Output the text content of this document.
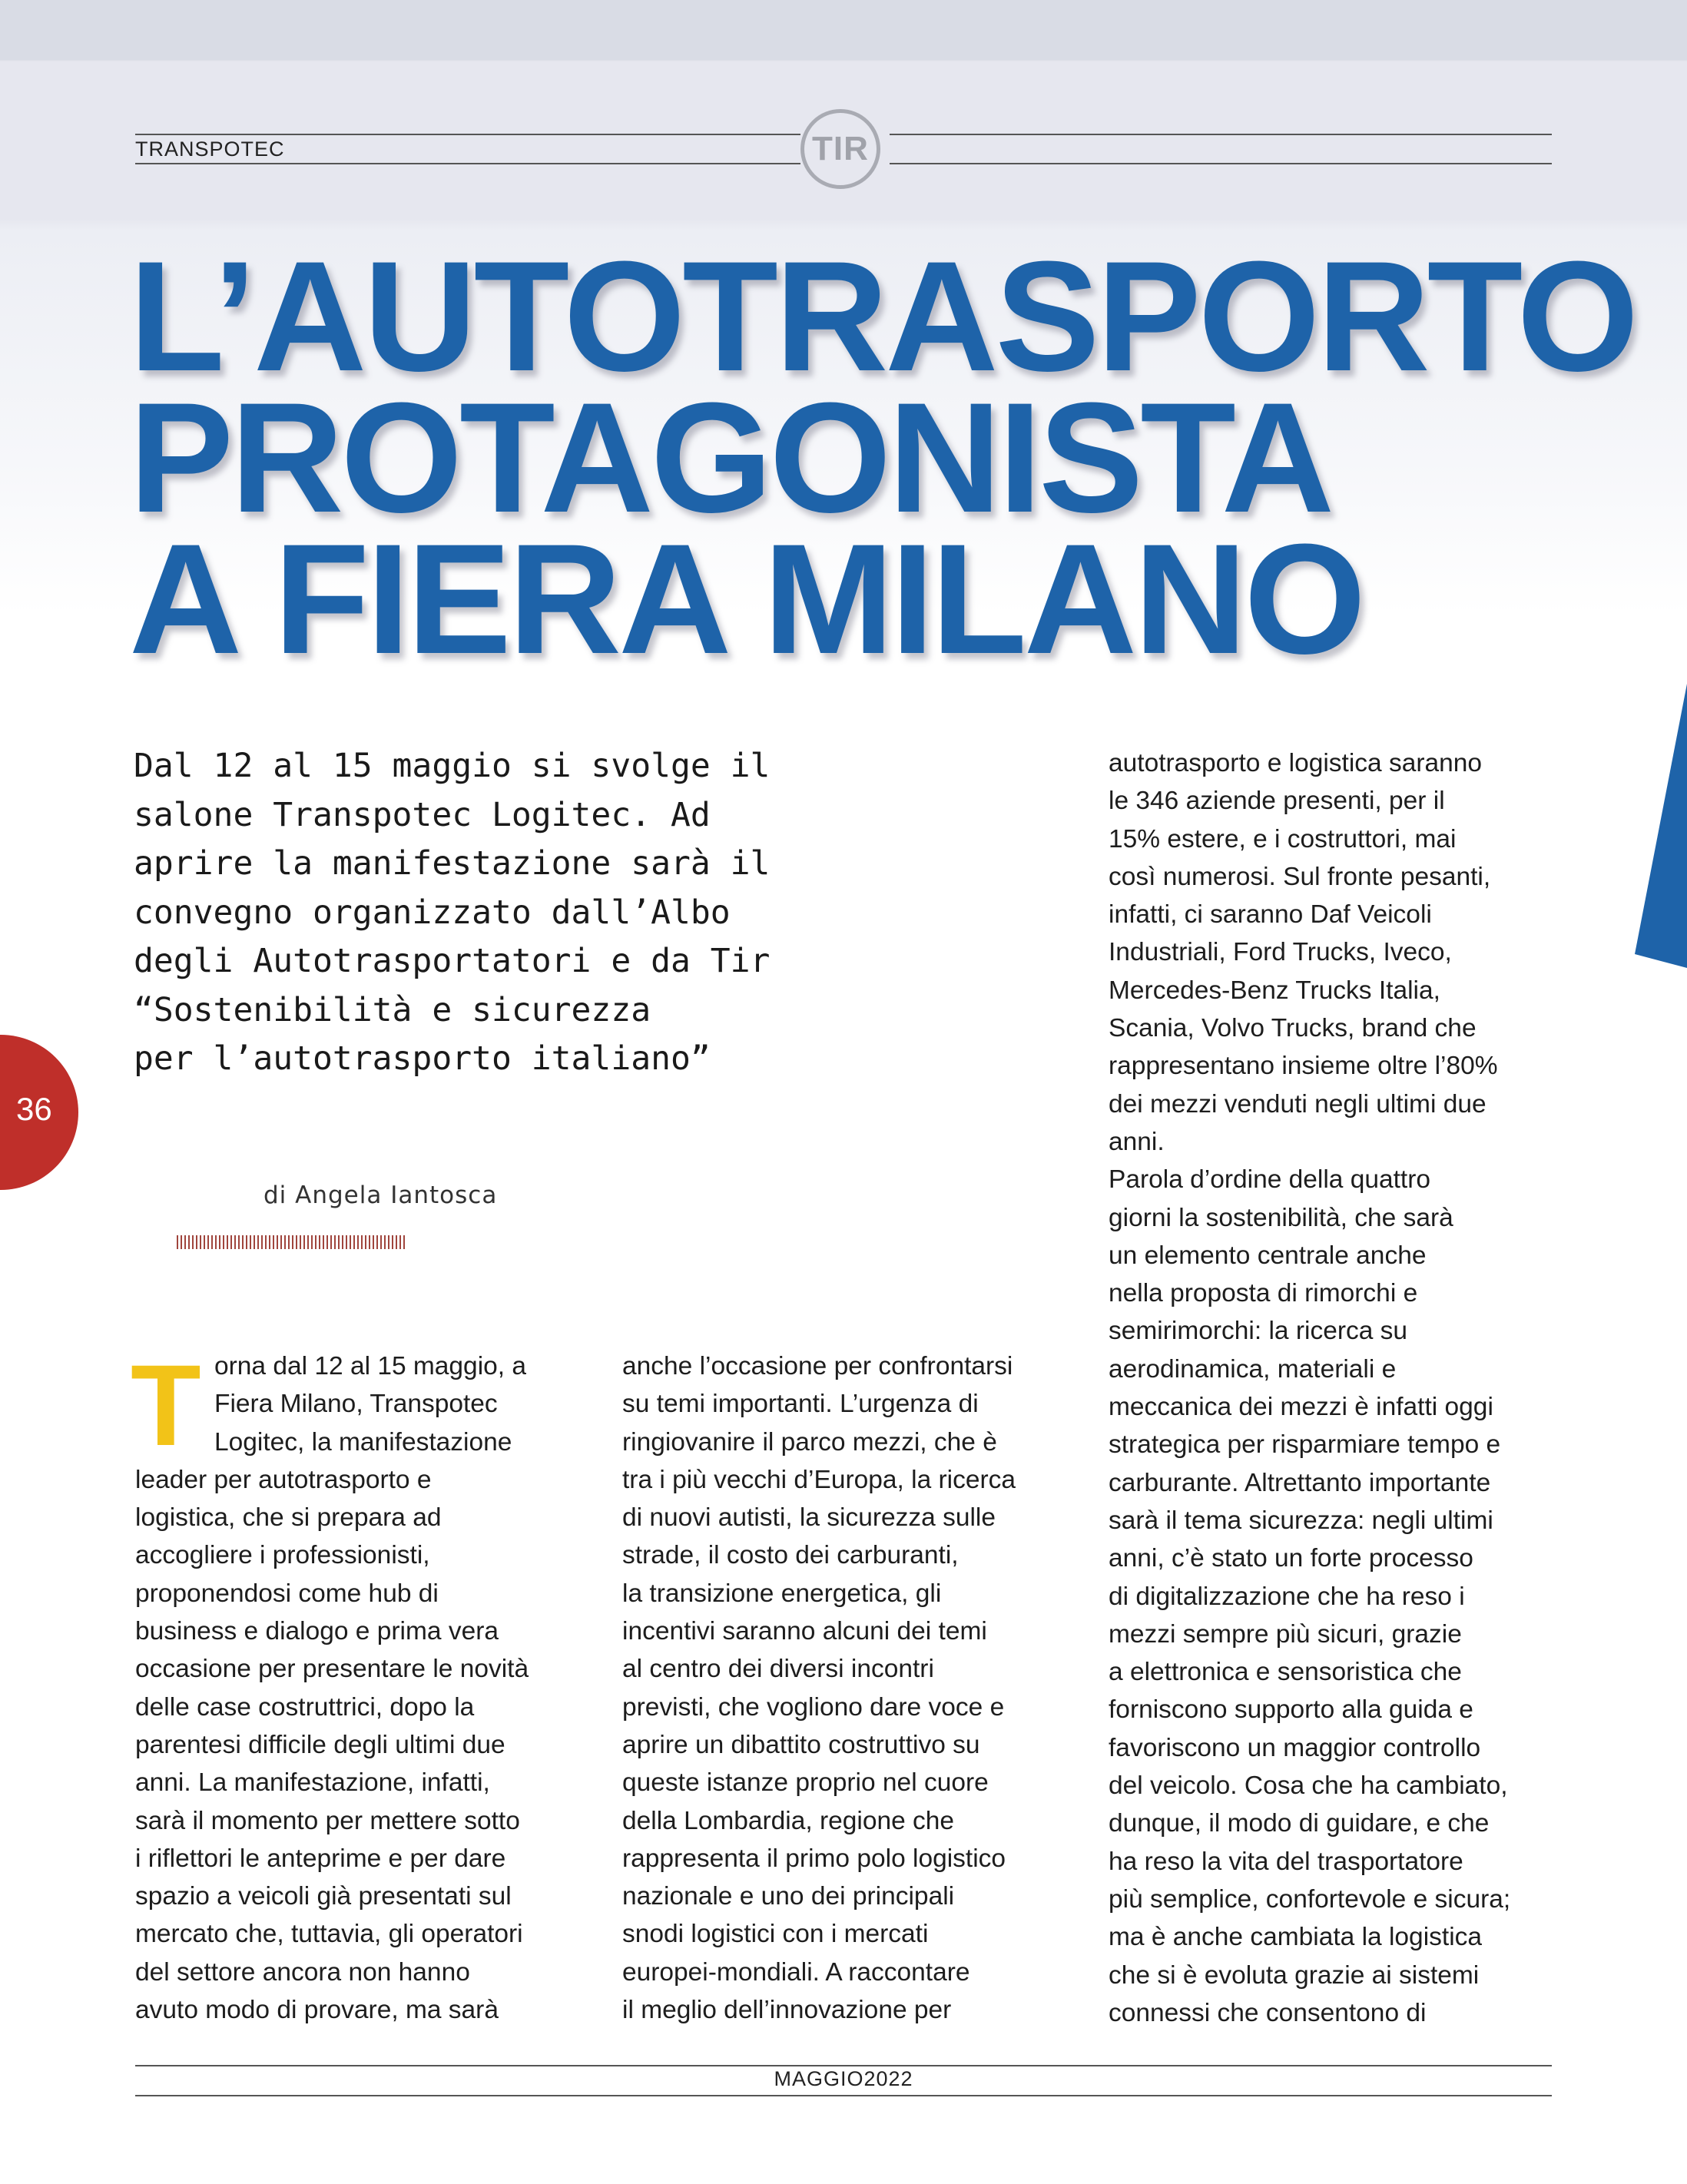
TRANSPOTEC	TIR
L’AUTOTRASPORTO
PROTAGONISTA
A FIERA MILANO
36
Dal 12 al 15 maggio si svolge il
salone Transpotec Logitec. Ad
aprire la manifestazione sarà il
convegno organizzato dall’Albo
degli Autotrasportatori e da Tir
“Sostenibilità e sicurezza
per l’autotrasporto italiano”
di Angela Iantosca
T orna dal 12 al 15 maggio, a
Fiera Milano, Transpotec
Logitec, la manifestazione
leader per autotrasporto e
logistica, che si prepara ad
accogliere i professionisti,
proponendosi come hub di
business e dialogo e prima vera
occasione per presentare le novità
delle case costruttrici, dopo la
parentesi difficile degli ultimi due
anni. La manifestazione, infatti,
sarà il momento per mettere sotto
i riflettori le anteprime e per dare
spazio a veicoli già presentati sul
mercato che, tuttavia, gli operatori
del settore ancora non hanno
avuto modo di provare, ma sarà
anche l’occasione per confrontarsi
su temi importanti. L’urgenza di
ringiovanire il parco mezzi, che è
tra i più vecchi d’Europa, la ricerca
di nuovi autisti, la sicurezza sulle
strade, il costo dei carburanti,
la transizione energetica, gli
incentivi saranno alcuni dei temi
al centro dei diversi incontri
previsti, che vogliono dare voce e
aprire un dibattito costruttivo su
queste istanze proprio nel cuore
della Lombardia, regione che
rappresenta il primo polo logistico
nazionale e uno dei principali
snodi logistici con i mercati
europei-mondiali. A raccontare
il meglio dell’innovazione per
autotrasporto e logistica saranno
le 346 aziende presenti, per il
15% estere, e i costruttori, mai
così numerosi. Sul fronte pesanti,
infatti, ci saranno Daf Veicoli
Industriali, Ford Trucks, Iveco,
Mercedes-Benz Trucks Italia,
Scania, Volvo Trucks, brand che
rappresentano insieme oltre l’80%
dei mezzi venduti negli ultimi due
anni.
Parola d’ordine della quattro
giorni la sostenibilità, che sarà
un elemento centrale anche
nella proposta di rimorchi e
semirimorchi: la ricerca su
aerodinamica, materiali e
meccanica dei mezzi è infatti oggi
strategica per risparmiare tempo e
carburante. Altrettanto importante
sarà il tema sicurezza: negli ultimi
anni, c’è stato un forte processo
di digitalizzazione che ha reso i
mezzi sempre più sicuri, grazie
a elettronica e sensoristica che
forniscono supporto alla guida e
favoriscono un maggior controllo
del veicolo. Cosa che ha cambiato,
dunque, il modo di guidare, e che
ha reso la vita del trasportatore
più semplice, confortevole e sicura;
ma è anche cambiata la logistica
che si è evoluta grazie ai sistemi
connessi che consentono di
MAGGIO2022
